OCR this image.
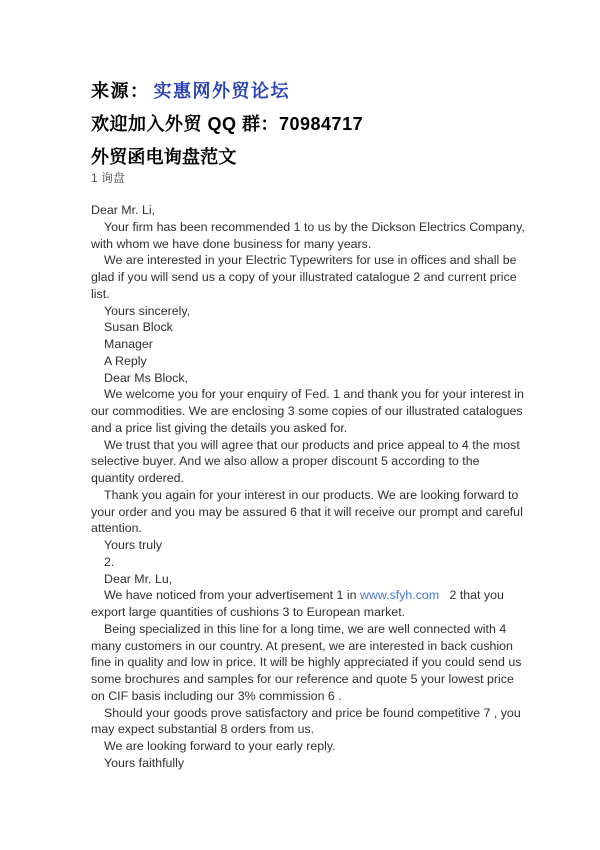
来源： 实惠网外贸论坛
欢迎加入外贸 QQ 群：70984717
外贸函电询盘范文
1 询盘
Dear Mr. Li,
Your firm has been recommended 1 to us by the Dickson Electrics Company,
with whom we have done business for many years.
We are interested in your Electric Typewriters for use in offices and shall be
glad if you will send us a copy of your illustrated catalogue 2 and current price
list.
Yours sincerely,
Susan Block
Manager
A Reply
Dear Ms Block,
We welcome you for your enquiry of Fed. 1 and thank you for your interest in
our commodities. We are enclosing 3 some copies of our illustrated catalogues
and a price list giving the details you asked for.
We trust that you will agree that our products and price appeal to 4 the most
selective buyer. And we also allow a proper discount 5 according to the
quantity ordered.
Thank you again for your interest in our products. We are looking forward to
your order and you may be assured 6 that it will receive our prompt and careful
attention.
Yours truly
2.
Dear Mr. Lu,
We have noticed from your advertisement 1 in www.sfyh.com   2 that you
export large quantities of cushions 3 to European market.
Being specialized in this line for a long time, we are well connected with 4
many customers in our country. At present, we are interested in back cushion
fine in quality and low in price. It will be highly appreciated if you could send us
some brochures and samples for our reference and quote 5 your lowest price
on CIF basis including our 3% commission 6 .
Should your goods prove satisfactory and price be found competitive 7 , you
may expect substantial 8 orders from us.
We are looking forward to your early reply.
Yours faithfully
